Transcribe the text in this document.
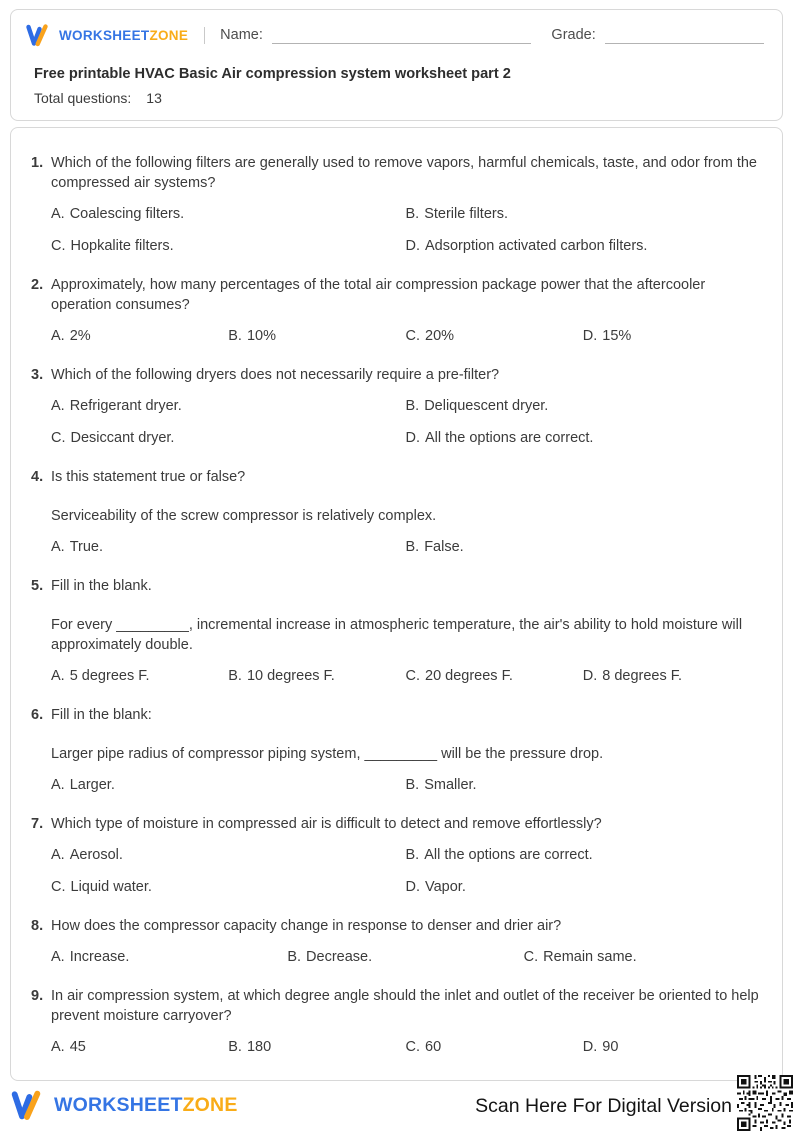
WORKSHEETZONE Name:	Grade:
Free printable HVAC Basic Air compression system worksheet part 2
Total questions: 13
1. Which of the following filters are generally used to remove vapors, harmful chemicals, taste, and odor from the compressed air systems?

A. Coalescing filters.	B. Sterile filters.
C. Hopkalite filters.	D. Adsorption activated carbon filters.
2. Approximately, how many percentages of the total air compression package power that the aftercooler operation consumes?

A. 2%	B. 10%	C. 20%	D. 15%
3. Which of the following dryers does not necessarily require a pre-filter?

A. Refrigerant dryer.	B. Deliquescent dryer.
C. Desiccant dryer.	D. All the options are correct.
4. Is this statement true or false?

Serviceability of the screw compressor is relatively complex.

A. True.	B. False.
5. Fill in the blank.

For every _________, incremental increase in atmospheric temperature, the air's ability to hold moisture will approximately double.

A. 5 degrees F.	B. 10 degrees F.	C. 20 degrees F.	D. 8 degrees F.
6. Fill in the blank:

Larger pipe radius of compressor piping system, _________ will be the pressure drop.

A. Larger.	B. Smaller.
7. Which type of moisture in compressed air is difficult to detect and remove effortlessly?

A. Aerosol.	B. All the options are correct.
C. Liquid water.	D. Vapor.
8. How does the compressor capacity change in response to denser and drier air?

A. Increase.	B. Decrease.	C. Remain same.
9. In air compression system, at which degree angle should the inlet and outlet of the receiver be oriented to help prevent moisture carryover?

A. 45	B. 180	C. 60	D. 90
WORKSHEETZONE	Scan Here For Digital Version
